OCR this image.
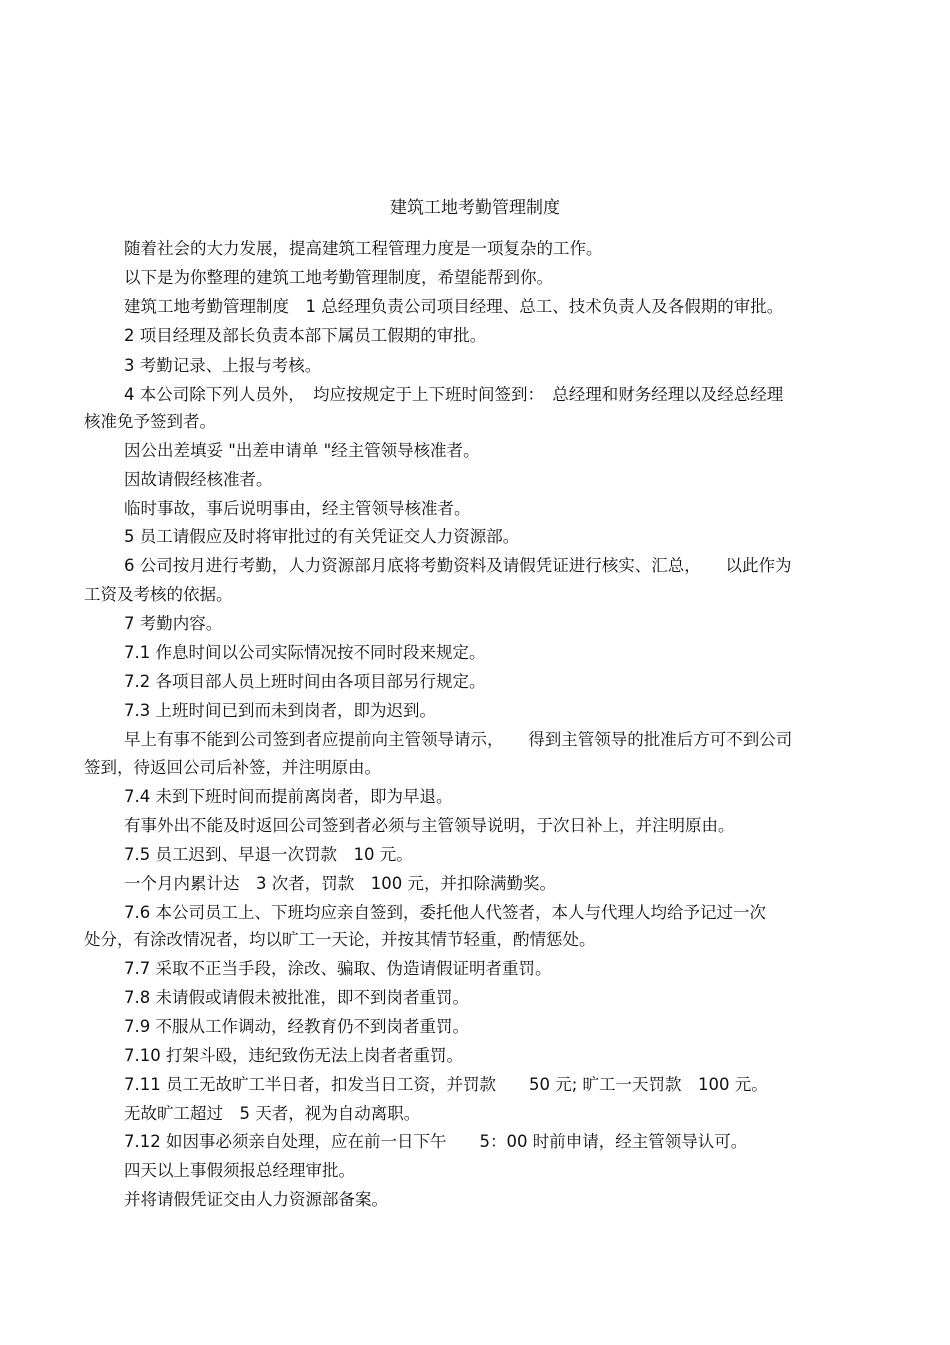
建筑工地考勤管理制度
随着社会的大力发展，提高建筑工程管理力度是一项复杂的工作。
以下是为你整理的建筑工地考勤管理制度，希望能帮到你。
建筑工地考勤管理制度　1 总经理负责公司项目经理、总工、技术负责人及各假期的审批。
2 项目经理及部长负责本部下属员工假期的审批。
3 考勤记录、上报与考核。
4 本公司除下列人员外，　均应按规定于上下班时间签到：　总经理和财务经理以及经总经理
核准免予签到者。
因公出差填妥 "出差申请单 "经主管领导核准者。
因故请假经核准者。
临时事故，事后说明事由，经主管领导核准者。
5 员工请假应及时将审批过的有关凭证交人力资源部。
6 公司按月进行考勤，人力资源部月底将考勤资料及请假凭证进行核实、汇总，　　以此作为
工资及考核的依据。
7 考勤内容。
7.1 作息时间以公司实际情况按不同时段来规定。
7.2 各项目部人员上班时间由各项目部另行规定。
7.3 上班时间已到而未到岗者，即为迟到。
早上有事不能到公司签到者应提前向主管领导请示，　　得到主管领导的批准后方可不到公司
签到，待返回公司后补签，并注明原由。
7.4 未到下班时间而提前离岗者，即为早退。
有事外出不能及时返回公司签到者必须与主管领导说明，于次日补上，并注明原由。
7.5 员工迟到、早退一次罚款　10 元。
一个月内累计达　3 次者，罚款　100 元，并扣除满勤奖。
7.6 本公司员工上、下班均应亲自签到，委托他人代签者，本人与代理人均给予记过一次
处分，有涂改情况者，均以旷工一天论，并按其情节轻重，酌情惩处。
7.7 采取不正当手段，涂改、骗取、伪造请假证明者重罚。
7.8 未请假或请假未被批准，即不到岗者重罚。
7.9 不服从工作调动，经教育仍不到岗者重罚。
7.10 打架斗殴，违纪致伤无法上岗者者重罚。
7.11 员工无故旷工半日者，扣发当日工资，并罚款　　50 元; 旷工一天罚款　100 元。
无故旷工超过　5 天者，视为自动离职。
7.12 如因事必须亲自处理，应在前一日下午　　5：00 时前申请，经主管领导认可。
四天以上事假须报总经理审批。
并将请假凭证交由人力资源部备案。
